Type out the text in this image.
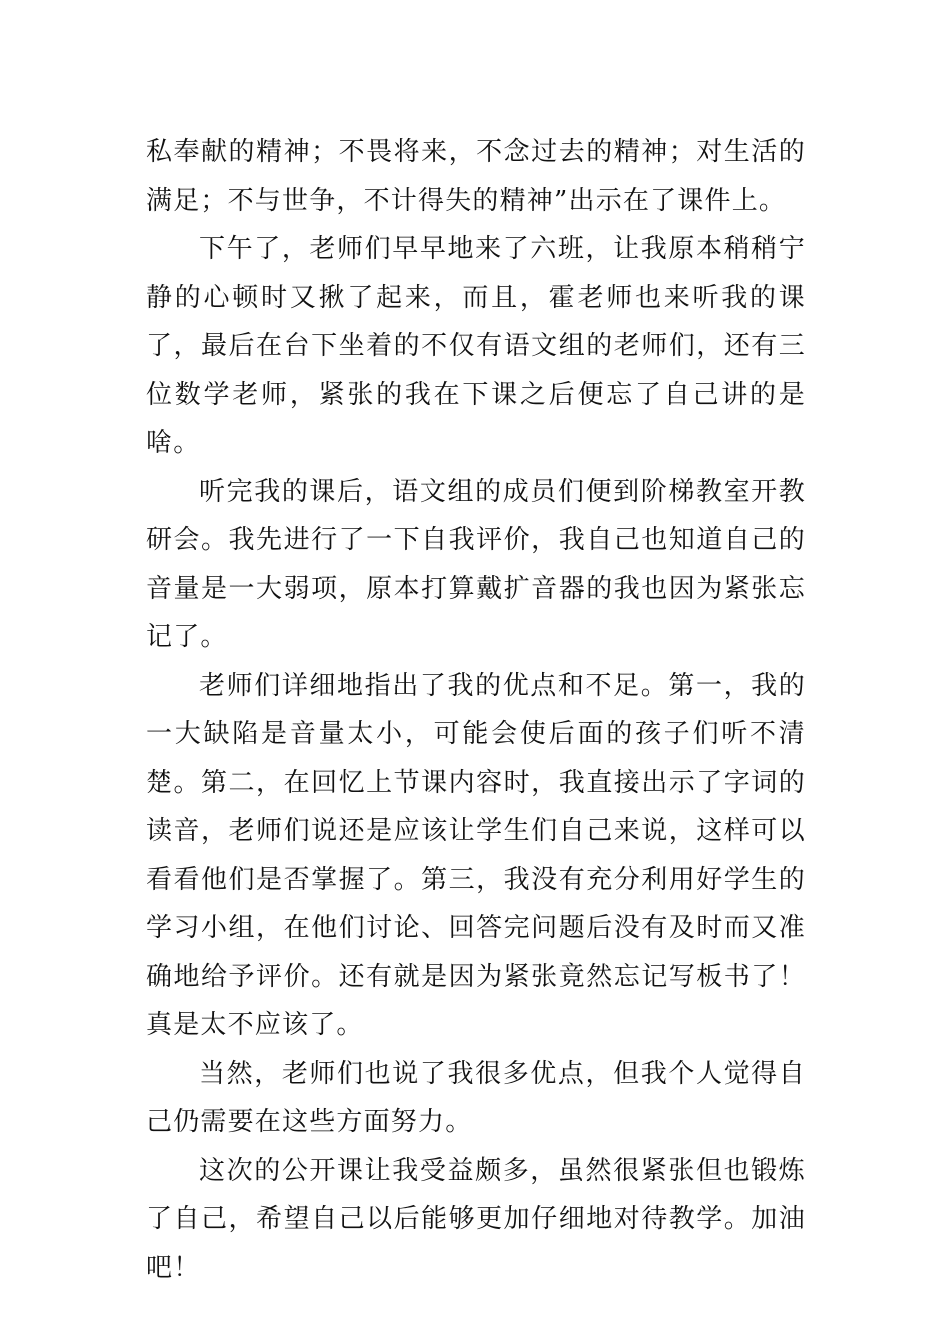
私奉献的精神；不畏将来，不念过去的精神；对生活的满足；不与世争，不计得失的精神”出示在了课件上。

下午了，老师们早早地来了六班，让我原本稍稍宁静的心顿时又揪了起来，而且，霍老师也来听我的课了，最后在台下坐着的不仅有语文组的老师们，还有三位数学老师，紧张的我在下课之后便忘了自己讲的是啥。

听完我的课后，语文组的成员们便到阶梯教室开教研会。我先进行了一下自我评价，我自己也知道自己的音量是一大弱项，原本打算戴扩音器的我也因为紧张忘记了。

老师们详细地指出了我的优点和不足。第一，我的一大缺陷是音量太小，可能会使后面的孩子们听不清楚。第二，在回忆上节课内容时，我直接出示了字词的读音，老师们说还是应该让学生们自己来说，这样可以看看他们是否掌握了。第三，我没有充分利用好学生的学习小组，在他们讨论、回答完问题后没有及时而又准确地给予评价。还有就是因为紧张竟然忘记写板书了！真是太不应该了。

当然，老师们也说了我很多优点，但我个人觉得自己仍需要在这些方面努力。

这次的公开课让我受益颇多，虽然很紧张但也锻炼了自己，希望自己以后能够更加仔细地对待教学。加油吧！
